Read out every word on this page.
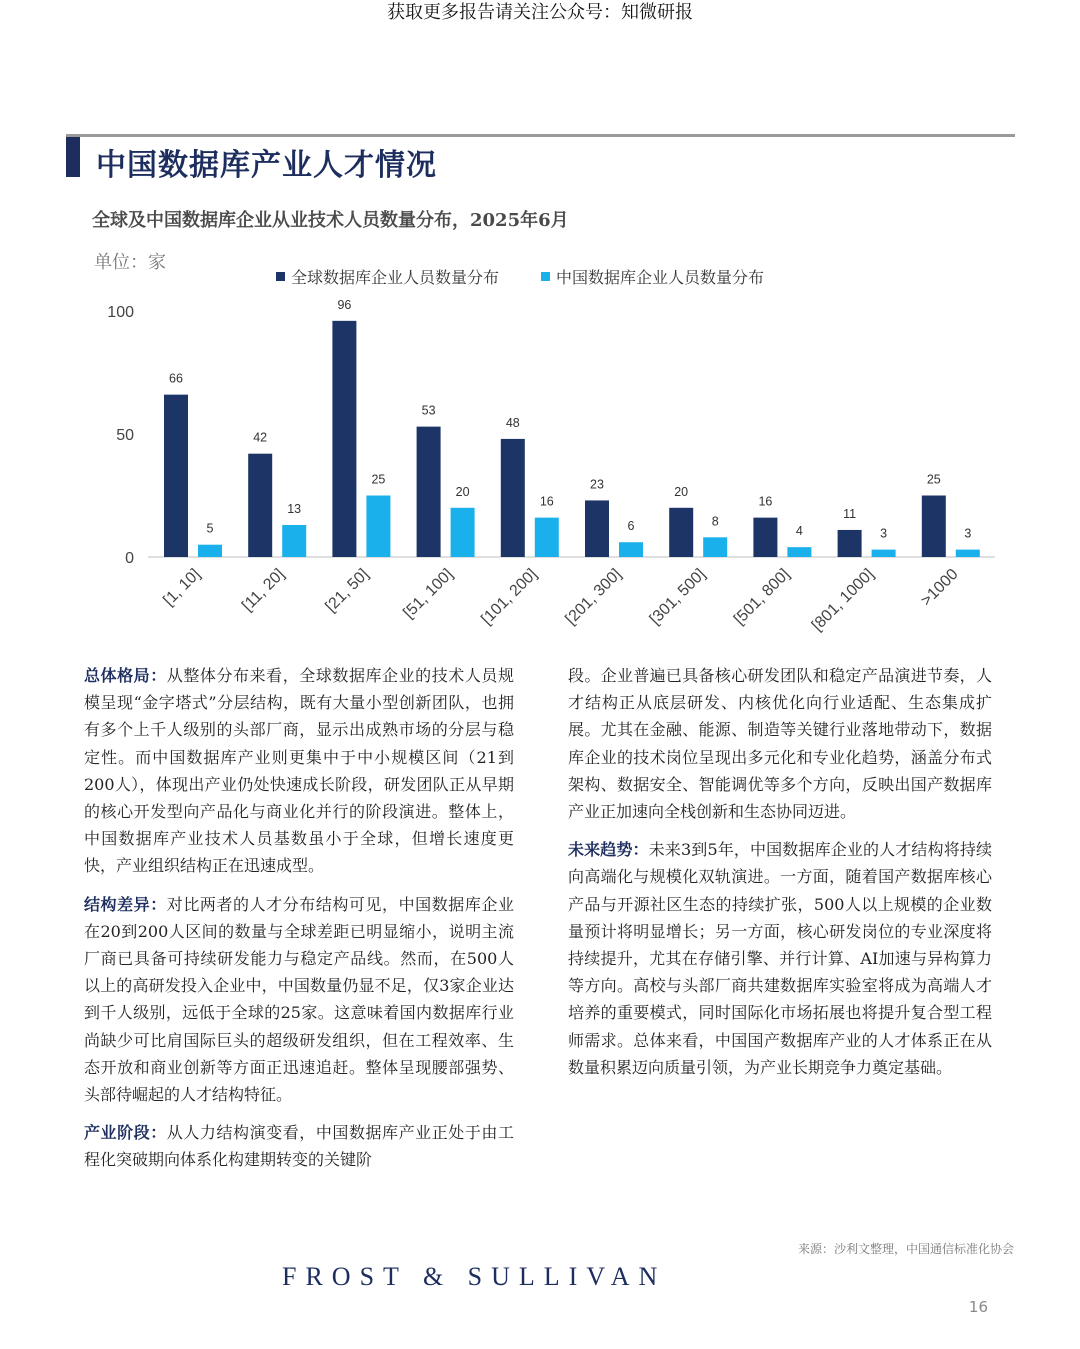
获取更多报告请关注公众号：知微研报
中国数据库产业人才情况
全球及中国数据库企业从业技术人员数量分布，2025年6月
单位：家
全球数据库企业人员数量分布	中国数据库企业人员数量分布
0
50
100
66
5
[1, 10]
42
13
[11, 20]
96
25
[21, 50]
53
20
[51, 100]
48
16
[101, 200]
23
6
[201, 300]
20
8
[301, 500]
16
4
[501, 800]
11
3
[801, 1000]
25
3
>1000

总体格局：从整体分布来看，全球数据库企业的技术人员规模呈现“金字塔式”分层结构，既有大量小型创新团队，也拥有多个上千人级别的头部厂商，显示出成熟市场的分层与稳定性。而中国数据库产业则更集中于中小规模区间（21到200人），体现出产业仍处快速成长阶段，研发团队正从早期的核心开发型向产品化与商业化并行的阶段演进。整体上，中国数据库产业技术人员基数虽小于全球，但增长速度更快，产业组织结构正在迅速成型。

结构差异：对比两者的人才分布结构可见，中国数据库企业在20到200人区间的数量与全球差距已明显缩小，说明主流厂商已具备可持续研发能力与稳定产品线。然而，在500人以上的高研发投入企业中，中国数量仍显不足，仅3家企业达到千人级别，远低于全球的25家。这意味着国内数据库行业尚缺少可比肩国际巨头的超级研发组织，但在工程效率、生态开放和商业创新等方面正迅速追赶。整体呈现腰部强势、头部待崛起的人才结构特征。

产业阶段：从人力结构演变看，中国数据库产业正处于由工程化突破期向体系化构建期转变的关键阶

段。企业普遍已具备核心研发团队和稳定产品演进节奏，人才结构正从底层研发、内核优化向行业适配、生态集成扩展。尤其在金融、能源、制造等关键行业落地带动下，数据库企业的技术岗位呈现出多元化和专业化趋势，涵盖分布式架构、数据安全、智能调优等多个方向，反映出国产数据库产业正加速向全栈创新和生态协同迈进。

未来趋势：未来3到5年，中国数据库企业的人才结构将持续向高端化与规模化双轨演进。一方面，随着国产数据库核心产品与开源社区生态的持续扩张，500人以上规模的企业数量预计将明显增长；另一方面，核心研发岗位的专业深度将持续提升，尤其在存储引擎、并行计算、AI加速与异构算力等方向。高校与头部厂商共建数据库实验室将成为高端人才培养的重要模式，同时国际化市场拓展也将提升复合型工程师需求。总体来看，中国国产数据库产业的人才体系正在从数量积累迈向质量引领，为产业长期竞争力奠定基础。

来源：沙利文整理，中国通信标准化协会
FROST & SULLIVAN
16
